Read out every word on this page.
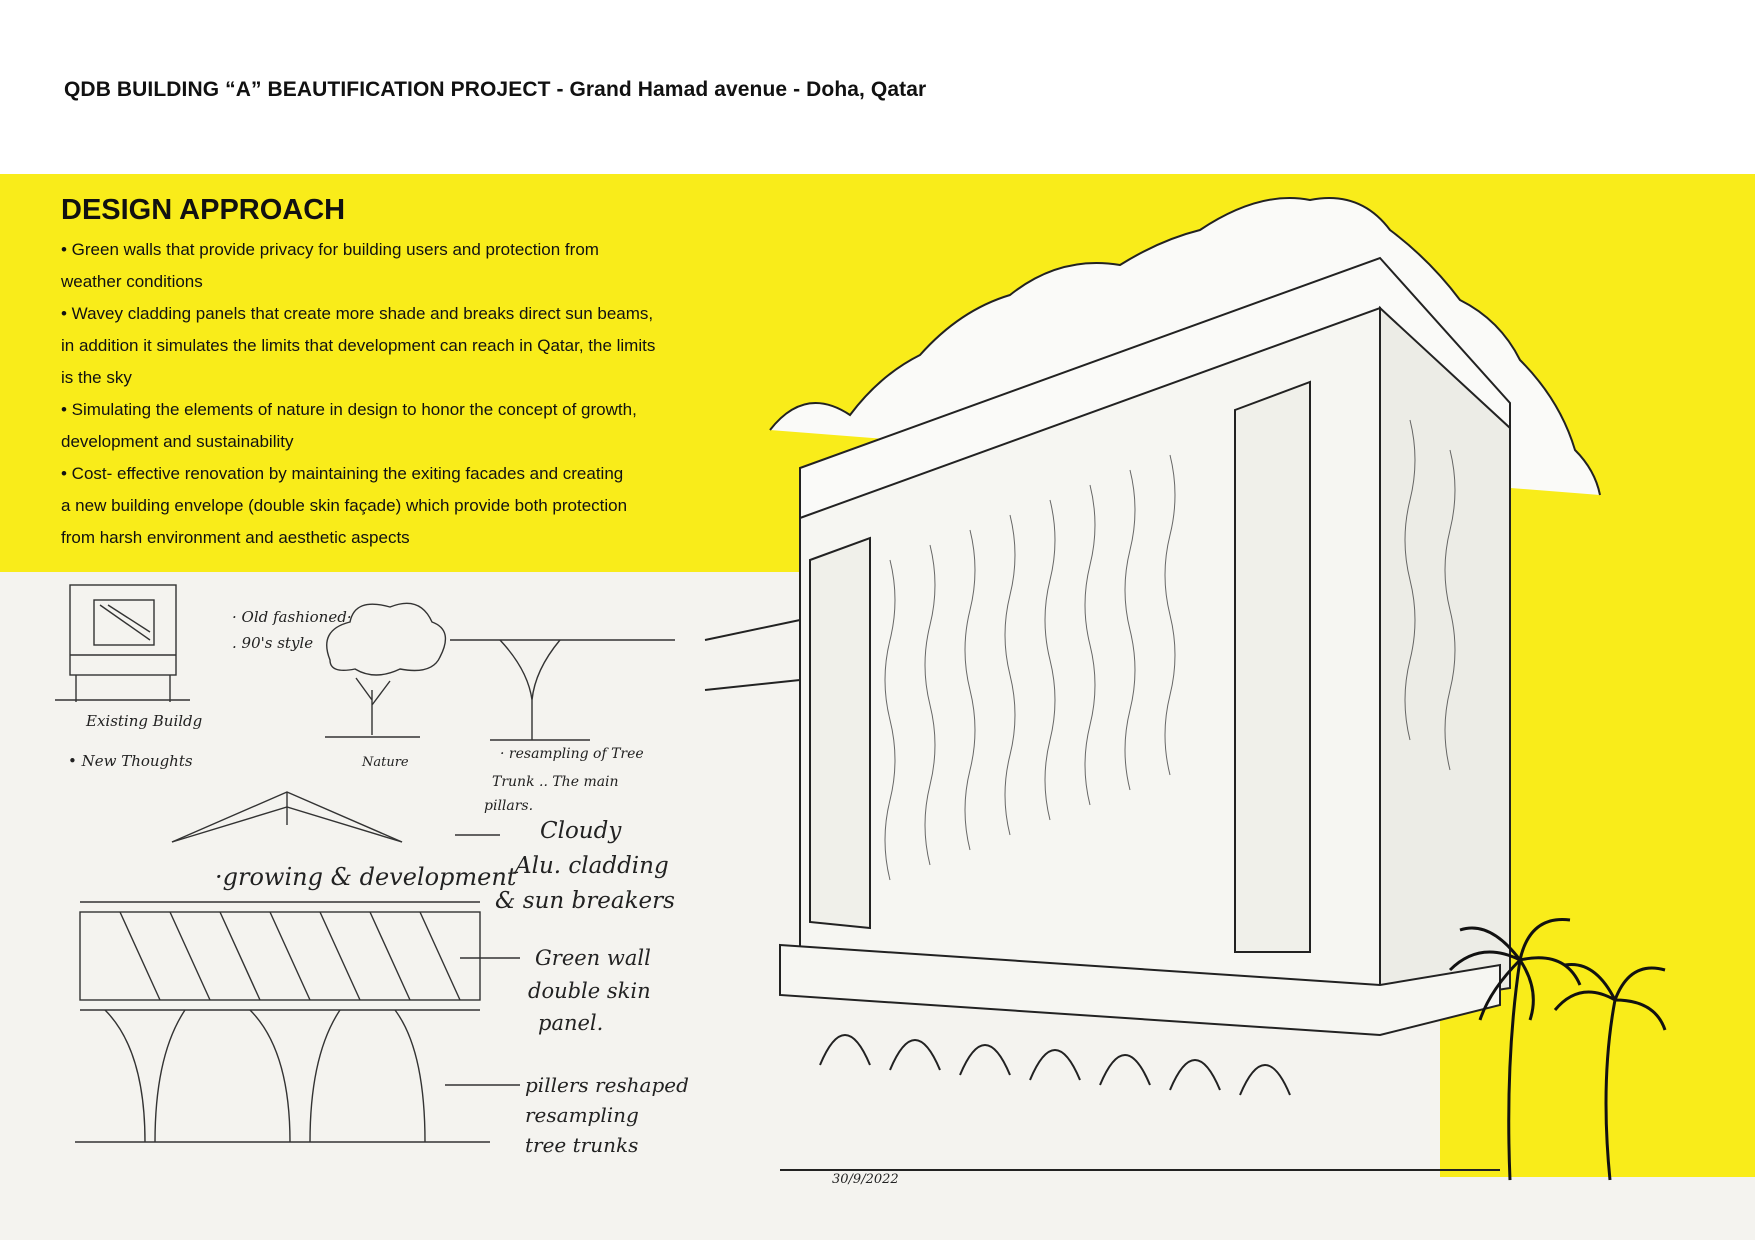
QDB BUILDING “A” BEAUTIFICATION PROJECT - Grand Hamad avenue - Doha, Qatar
DESIGN APPROACH

• Green walls that provide privacy for building users and protection from

weather conditions

• Wavey cladding panels that create more shade and breaks direct sun beams,

in addition it simulates the limits that development can reach in Qatar, the limits

is the sky

• Simulating the elements of nature in design to honor the concept of growth,

development and sustainability

• Cost- effective renovation by maintaining the exiting facades and creating

a new building envelope (double skin façade) which provide both protection

from harsh environment and aesthetic aspects

· Old fashioned·
. 90's style
Existing Buildg
• New Thoughts	Nature
· resampling of Tree
Trunk .. The main
pillars.
·growing & development
Cloudy
Alu. cladding
& sun breakers
Green wall
double skin
panel.
pillers reshaped
resampling
tree trunks
30/9/2022
